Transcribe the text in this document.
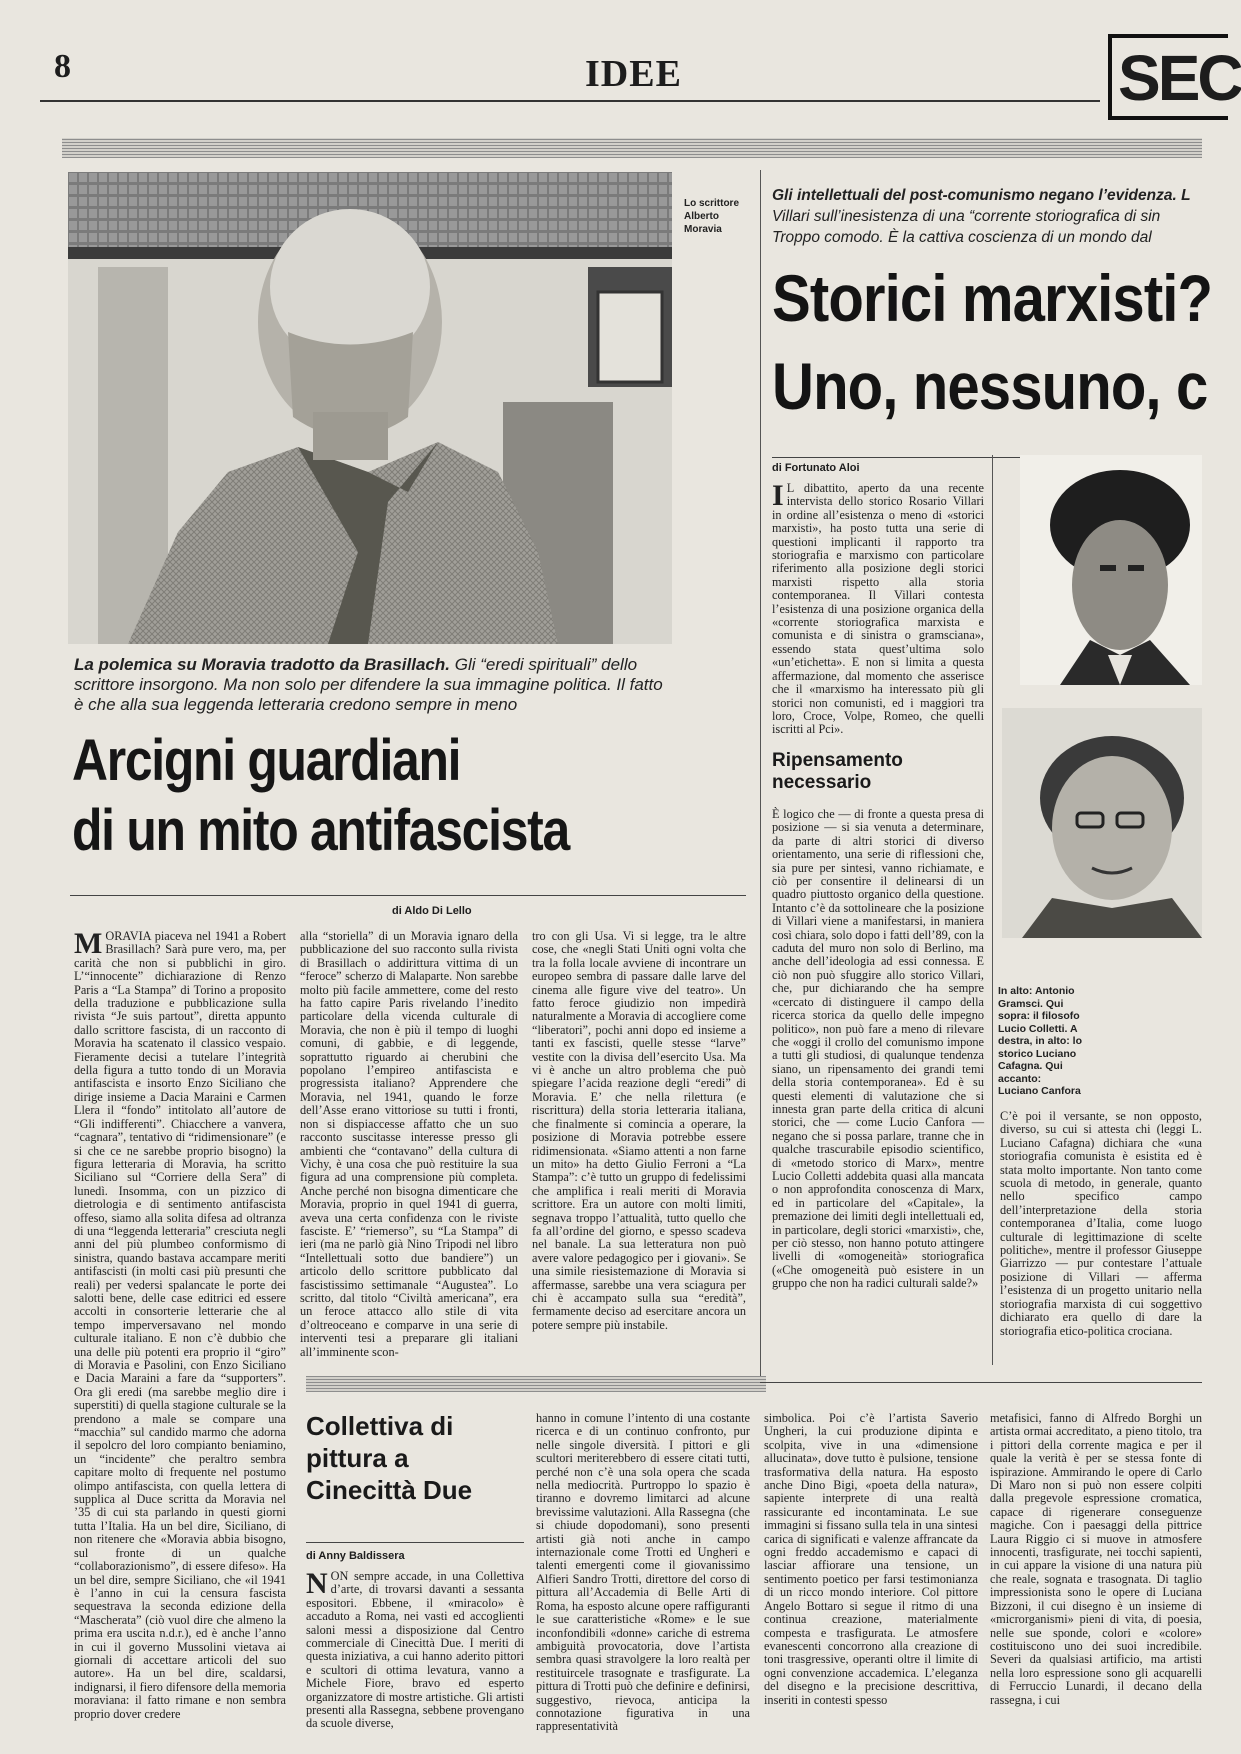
8	IDEE	SEC
Lo scrittore Alberto Moravia
La polemica su Moravia tradotto da Brasillach. Gli “eredi spirituali” dello scrittore insorgono. Ma non solo per difendere la sua immagine politica. Il fatto è che alla sua leggenda letteraria credono sempre in meno
Arcigni guardiani
di un mito antifascista
di Aldo Di Lello
MORAVIA piaceva nel 1941 a Robert Brasillach? Sarà pure vero, ma, per carità che non si pubblichi in giro. L’“innocente” dichiarazione di Renzo Paris a “La Stampa” di Torino a proposito della traduzione e pubblicazione sulla rivista “Je suis partout”, diretta appunto dallo scrittore fascista, di un racconto di Moravia ha scatenato il classico vespaio. Fieramente decisi a tutelare l’integrità della figura a tutto tondo di un Moravia antifascista e insorto Enzo Siciliano che dirige insieme a Dacia Maraini e Carmen Llera il “fondo” intitolato all’autore de “Gli indifferenti”. Chiacchere a vanvera, “cagnara”, tentativo di “ridimensionare” (e si che ce ne sarebbe proprio bisogno) la figura letteraria di Moravia, ha scritto Siciliano sul “Corriere della Sera” di lunedì. Insomma, con un pizzico di dietrologia e di sentimento antifascista offeso, siamo alla solita difesa ad oltranza di una “leggenda letteraria” cresciuta negli anni del più plumbeo conformismo di sinistra, quando bastava accampare meriti antifascisti (in molti casi più presunti che reali) per vedersi spalancate le porte dei salotti bene, delle case editrici ed essere accolti in consorterie letterarie che al tempo imperversavano nel mondo culturale italiano. E non c’è dubbio che una delle più potenti era proprio il “giro” di Moravia e Pasolini, con Enzo Siciliano e Dacia Maraini a fare da “supporters”. Ora gli eredi (ma sarebbe meglio dire i superstiti) di quella stagione culturale se la prendono a male se compare una “macchia” sul candido marmo che adorna il sepolcro del loro compianto beniamino, un “incidente” che peraltro sembra capitare molto di frequente nel postumo olimpo antifascista, con quella lettera di supplica al Duce scritta da Moravia nel ’35 di cui sta parlando in questi giorni tutta l’Italia. Ha un bel dire, Siciliano, di non ritenere che «Moravia abbia bisogno, sul fronte di un qualche “collaborazionismo”, di essere difeso». Ha un bel dire, sempre Siciliano, che «il 1941 è l’anno in cui la censura fascista sequestrava la seconda edizione della “Mascherata” (ciò vuol dire che almeno la prima era uscita n.d.r.), ed è anche l’anno in cui il governo Mussolini vietava ai giornali di accettare articoli del suo autore». Ha un bel dire, scaldarsi, indignarsi, il fiero difensore della memoria moraviana: il fatto rimane e non sembra proprio dover credere
alla “storiella” di un Moravia ignaro della pubblicazione del suo racconto sulla rivista di Brasillach o addirittura vittima di un “feroce” scherzo di Malaparte. Non sarebbe molto più facile ammettere, come del resto ha fatto capire Paris rivelando l’inedito particolare della vicenda culturale di Moravia, che non è più il tempo di luoghi comuni, di gabbie, e di leggende, soprattutto riguardo ai cherubini che popolano l’empireo antifascista e progressista italiano? Apprendere che Moravia, nel 1941, quando le forze dell’Asse erano vittoriose su tutti i fronti, non si dispiaccesse affatto che un suo racconto suscitasse interesse presso gli ambienti che “contavano” della cultura di Vichy, è una cosa che può restituire la sua figura ad una comprensione più completa. Anche perché non bisogna dimenticare che Moravia, proprio in quel 1941 di guerra, aveva una certa confidenza con le riviste fasciste. E’ “riemerso”, su “La Stampa” di ieri (ma ne parlò già Nino Tripodi nel libro “Intellettuali sotto due bandiere”) un articolo dello scrittore pubblicato dal fascistissimo settimanale “Augustea”. Lo scritto, dal titolo “Civiltà americana”, era un feroce attacco allo stile di vita d’oltreoceano e comparve in una serie di interventi tesi a preparare gli italiani all’imminente scon-
tro con gli Usa. Vi si legge, tra le altre cose, che «negli Stati Uniti ogni volta che tra la folla locale avviene di incontrare un europeo sembra di passare dalle larve del cinema alle figure vive del teatro». Un fatto feroce giudizio non impedirà naturalmente a Moravia di accogliere come “liberatori”, pochi anni dopo ed insieme a tanti ex fascisti, quelle stesse “larve” vestite con la divisa dell’esercito Usa. Ma vi è anche un altro problema che può spiegare l’acida reazione degli “eredi” di Moravia. E’ che nella rilettura (e riscrittura) della storia letteraria italiana, che finalmente si comincia a operare, la posizione di Moravia potrebbe essere ridimensionata. «Siamo attenti a non farne un mito» ha detto Giulio Ferroni a “La Stampa”: c’è tutto un gruppo di fedelissimi che amplifica i reali meriti di Moravia scrittore. Era un autore con molti limiti, segnava troppo l’attualità, tutto quello che fa all’ordine del giorno, e spesso scadeva nel banale. La sua letteratura non può avere valore pedagogico per i giovani». Se una simile riesistemazione di Moravia si affermasse, sarebbe una vera sciagura per chi è accampato sulla sua “eredità”, fermamente deciso ad esercitare ancora un potere sempre più instabile.
Gli intellettuali del post-comunismo negano l’evidenza. L
Villari sull’inesistenza di una “corrente storiografica di sin
Troppo comodo. È la cattiva coscienza di un mondo dal
Storici marxisti?
Uno, nessuno, c
di Fortunato Aloi
I L dibattito, aperto da una recente intervista dello storico Rosario Villari in ordine all’esistenza o meno di «storici marxisti», ha posto tutta una serie di questioni implicanti il rapporto tra storiografia e marxismo con particolare riferimento alla posizione degli storici marxisti rispetto alla storia contemporanea. Il Villari contesta l’esistenza di una posizione organica della «corrente storiografica marxista e comunista e di sinistra o gramsciana», essendo stata quest’ultima solo «un’etichetta». E non si limita a questa affermazione, dal momento che asserisce che il «marxismo ha interessato più gli storici non comunisti, ed i maggiori tra loro, Croce, Volpe, Romeo, che quelli iscritti al Pci».
Ripensamento necessario
È logico che — di fronte a questa presa di posizione — si sia venuta a determinare, da parte di altri storici di diverso orientamento, una serie di riflessioni che, sia pure per sintesi, vanno richiamate, e ciò per consentire il delinearsi di un quadro piuttosto organico della questione. Intanto c’è da sottolineare che la posizione di Villari viene a manifestarsi, in maniera così chiara, solo dopo i fatti dell’89, con la caduta del muro non solo di Berlino, ma anche dell’ideologia ad essi connessa. E ciò non può sfuggire allo storico Villari, che, pur dichiarando che ha sempre «cercato di distinguere il campo della ricerca storica da quello delle impegno politico», non può fare a meno di rilevare che «oggi il crollo del comunismo impone a tutti gli studiosi, di qualunque tendenza siano, un ripensamento dei grandi temi della storia contemporanea». Ed è su questi elementi di valutazione che si innesta gran parte della critica di alcuni storici, che — come Lucio Canfora — negano che si possa parlare, tranne che in qualche trascurabile episodio scientifico, di «metodo storico di Marx», mentre Lucio Colletti addebita quasi alla mancata o non approfondita conoscenza di Marx, ed in particolare del «Capitale», la premazione dei limiti degli intellettuali ed, in particolare, degli storici «marxisti», che, per ciò stesso, non hanno potuto attingere livelli di «omogeneità» storiografica («Che omogeneità può esistere in un gruppo che non ha radici culturali salde?»
In alto: Antonio Gramsci. Qui sopra: il filosofo Lucio Colletti. A destra, in alto: lo storico Luciano Cafagna. Qui accanto: Luciano Canfora
C’è poi il versante, se non opposto, diverso, su cui si attesta chi (leggi L. Luciano Cafagna) dichiara che «una storiografia comunista è esistita ed è stata molto importante. Non tanto come scuola di metodo, in generale, quanto nello specifico campo dell’interpretazione della storia contemporanea d’Italia, come luogo culturale di legittimazione di scelte politiche», mentre il professor Giuseppe Giarrizzo — pur contestare l’attuale posizione di Villari — afferma l’esistenza di un progetto unitario nella storiografia marxista di cui soggettivo dichiarato era quello di dare la storiografia etico-politica crociana.
Collettiva di pittura a Cinecittà Due
di Anny Baldissera
NON sempre accade, in una Collettiva d’arte, di trovarsi davanti a sessanta espositori. Ebbene, il «miracolo» è accaduto a Roma, nei vasti ed accoglienti saloni messi a disposizione dal Centro commerciale di Cinecittà Due. I meriti di questa iniziativa, a cui hanno aderito pittori e scultori di ottima levatura, vanno a Michele Fiore, bravo ed esperto organizzatore di mostre artistiche. Gli artisti presenti alla Rassegna, sebbene provengano da scuole diverse,
hanno in comune l’intento di una costante ricerca e di un continuo confronto, pur nelle singole diversità. I pittori e gli scultori meriterebbero di essere citati tutti, perché non c’è una sola opera che scada nella mediocrità. Purtroppo lo spazio è tiranno e dovremo limitarci ad alcune brevissime valutazioni. Alla Rassegna (che si chiude dopodomani), sono presenti artisti già noti anche in campo internazionale come Trotti ed Ungheri e talenti emergenti come il giovanissimo Alfieri Sandro Trotti, direttore del corso di pittura all’Accademia di Belle Arti di Roma, ha esposto alcune opere raffiguranti le sue caratteristiche «Rome» e le sue inconfondibili «donne» cariche di estrema ambiguità provocatoria, dove l’artista sembra quasi stravolgere la loro realtà per restituircele trasognate e trasfigurate. La pittura di Trotti può che definire e definirsi, suggestivo, rievoca, anticipa la connotazione figurativa in una rappresentatività
simbolica. Poi c’è l’artista Saverio Ungheri, la cui produzione dipinta e scolpita, vive in una «dimensione allucinata», dove tutto è pulsione, tensione trasformativa della natura. Ha esposto anche Dino Bigi, «poeta della natura», sapiente interprete di una realtà rassicurante ed incontaminata. Le sue immagini si fissano sulla tela in una sintesi carica di significati e valenze affrancate da ogni freddo accademismo e capaci di lasciar affiorare una tensione, un sentimento poetico per farsi testimonianza di un ricco mondo interiore. Col pittore Angelo Bottaro si segue il ritmo di una continua creazione, materialmente compesta e trasfigurata. Le atmosfere evanescenti concorrono alla creazione di toni trasgressive, operanti oltre il limite di ogni convenzione accademica. L’eleganza del disegno e la precisione descrittiva, inseriti in contesti spesso
metafisici, fanno di Alfredo Borghi un artista ormai accreditato, a pieno titolo, tra i pittori della corrente magica e per il quale la verità è per se stessa fonte di ispirazione. Ammirando le opere di Carlo Di Maro non si può non essere colpiti dalla pregevole espressione cromatica, capace di rigenerare conseguenze magiche. Con i paesaggi della pittrice Laura Riggio ci si muove in atmosfere innocenti, trasfigurate, nei tocchi sapienti, in cui appare la visione di una natura più che reale, sognata e trasognata. Di taglio impressionista sono le opere di Luciana Bizzoni, il cui disegno è un insieme di «microrganismi» pieni di vita, di poesia, nelle sue sponde, colori e «colore» costituiscono uno dei suoi incredibile. Severi da qualsiasi artificio, ma artisti nella loro espressione sono gli acquarelli di Ferruccio Lunardi, il decano della rassegna, i cui
